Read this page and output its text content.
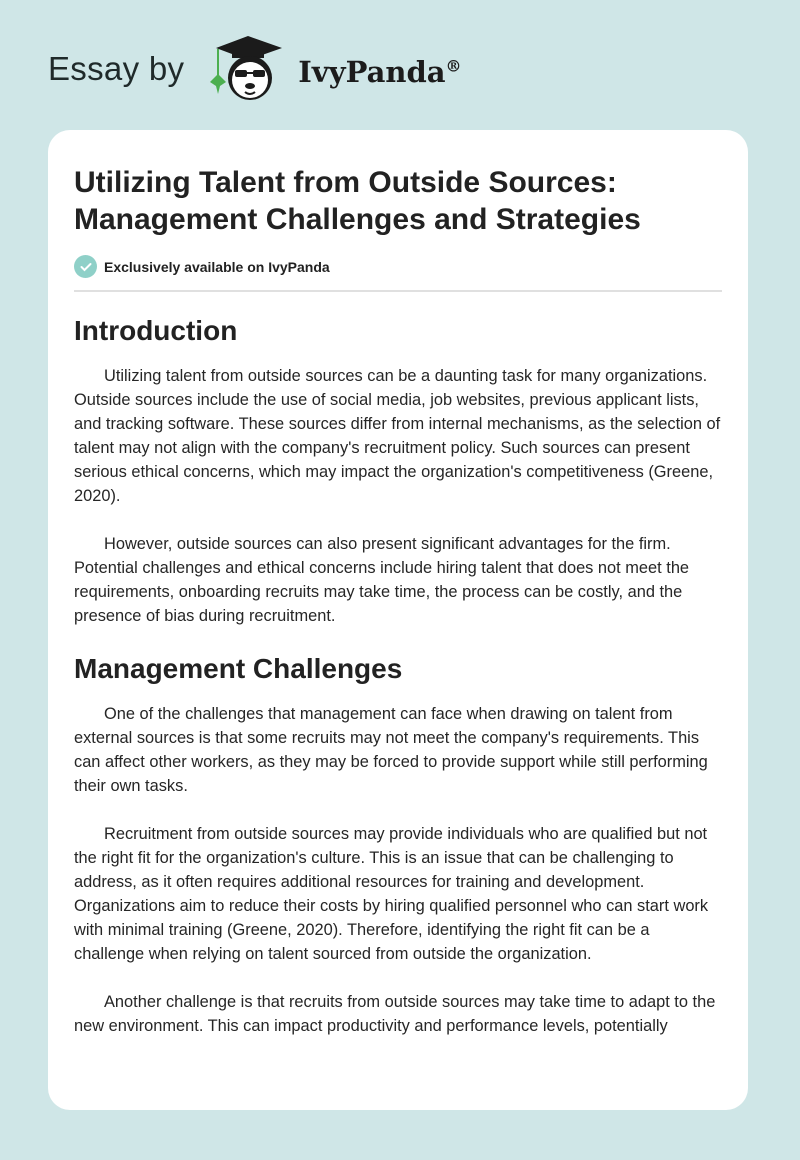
Essay by	IvyPanda®
Utilizing Talent from Outside Sources: Management Challenges and Strategies
Exclusively available on IvyPanda
Introduction

Utilizing talent from outside sources can be a daunting task for many organizations. Outside sources include the use of social media, job websites, previous applicant lists, and tracking software. These sources differ from internal mechanisms, as the selection of talent may not align with the company's recruitment policy. Such sources can present serious ethical concerns, which may impact the organization's competitiveness (Greene, 2020).

However, outside sources can also present significant advantages for the firm. Potential challenges and ethical concerns include hiring talent that does not meet the requirements, onboarding recruits may take time, the process can be costly, and the presence of bias during recruitment.

Management Challenges

One of the challenges that management can face when drawing on talent from external sources is that some recruits may not meet the company's requirements. This can affect other workers, as they may be forced to provide support while still performing their own tasks.

Recruitment from outside sources may provide individuals who are qualified but not the right fit for the organization's culture. This is an issue that can be challenging to address, as it often requires additional resources for training and development. Organizations aim to reduce their costs by hiring qualified personnel who can start work with minimal training (Greene, 2020). Therefore, identifying the right fit can be a challenge when relying on talent sourced from outside the organization.

Another challenge is that recruits from outside sources may take time to adapt to the new environment. This can impact productivity and performance levels, potentially
